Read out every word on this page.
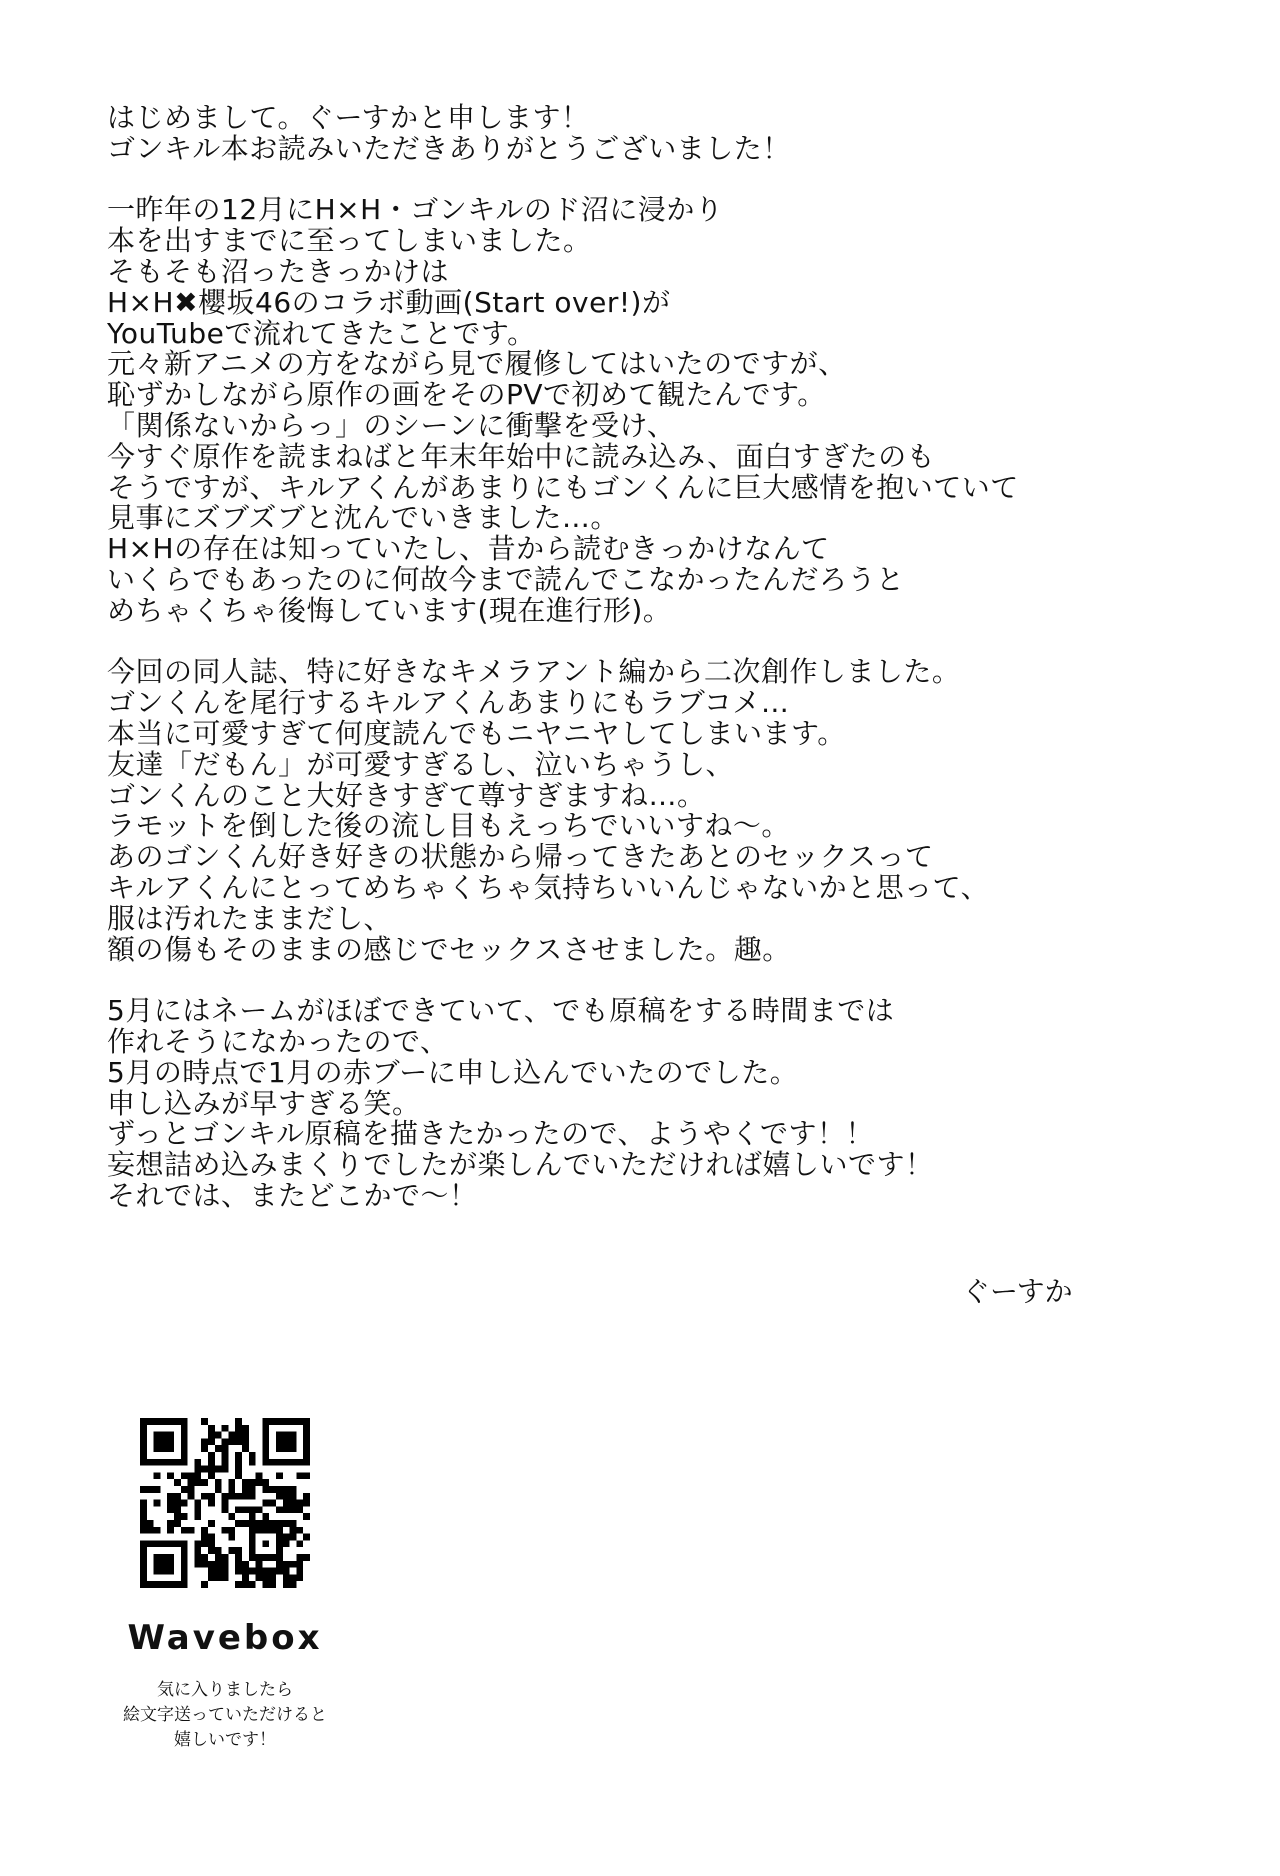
はじめまして。ぐーすかと申します！
ゴンキル本お読みいただきありがとうございました！
一昨年の12月にH×H・ゴンキルのド沼に浸かり
本を出すまでに至ってしまいました。
そもそも沼ったきっかけは
H×H✖櫻坂46のコラボ動画(Start over!)が
YouTubeで流れてきたことです。
元々新アニメの方をながら見で履修してはいたのですが、
恥ずかしながら原作の画をそのPVで初めて観たんです。
「関係ないからっ」のシーンに衝撃を受け、
今すぐ原作を読まねばと年末年始中に読み込み、面白すぎたのも
そうですが、キルアくんがあまりにもゴンくんに巨大感情を抱いていて
見事にズブズブと沈んでいきました…。
H×Hの存在は知っていたし、昔から読むきっかけなんて
いくらでもあったのに何故今まで読んでこなかったんだろうと
めちゃくちゃ後悔しています(現在進行形)。
今回の同人誌、特に好きなキメラアント編から二次創作しました。
ゴンくんを尾行するキルアくんあまりにもラブコメ…
本当に可愛すぎて何度読んでもニヤニヤしてしまいます。
友達「だもん」が可愛すぎるし、泣いちゃうし、
ゴンくんのこと大好きすぎて尊すぎますね…。
ラモットを倒した後の流し目もえっちでいいすね～。
あのゴンくん好き好きの状態から帰ってきたあとのセックスって
キルアくんにとってめちゃくちゃ気持ちいいんじゃないかと思って、
服は汚れたままだし、
額の傷もそのままの感じでセックスさせました。趣。
5月にはネームがほぼできていて、でも原稿をする時間までは
作れそうになかったので、
5月の時点で1月の赤ブーに申し込んでいたのでした。
申し込みが早すぎる笑。
ずっとゴンキル原稿を描きたかったので、ようやくです！！
妄想詰め込みまくりでしたが楽しんでいただければ嬉しいです！
それでは、またどこかで～！
ぐーすか
Wavebox
気に入りましたら
絵文字送っていただけると
嬉しいです！
